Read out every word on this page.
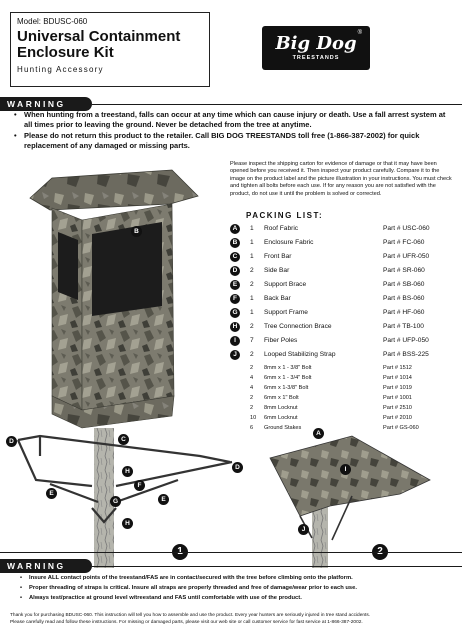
Model: BDUSC-060
Universal Containment
Enclosure Kit
Hunting Accessory
Big Dog
TREESTANDS
®
WARNING
• When hunting from a treestand, falls can occur at any time which can cause injury or death. Use a fall arrest system at all times prior to leaving the ground. Never be detached from the tree at anytime.
• Please do not return this product to the retailer. Call BIG DOG TREESTANDS toll free (1-866-387-2002) for quick replacement of any damaged or missing parts.
Please inspect the shipping carton for evidence of damage or that it may have been opened before you received it. Then inspect your product carefully. Compare it to the image on the product label and the picture illustration in your instructions. You must check and tighten all bolts before each use. If for any reason you are not satisfied with the product, do not use it until the problem is solved or corrected.
B
PACKING LIST:
A	1 Roof Fabric	Part # USC-060
B	1 Enclosure Fabric	Part # FC-060
C	1 Front Bar	Part # UFR-050
D	2 Side Bar	Part # SR-060
E	2 Support Brace	Part # SB-060
F	1 Back Bar	Part # BS-060
G	1 Support Frame	Part # HF-060
H	2 Tree Connection Brace	Part # TB-100
I	7 Fiber Poles	Part # UFP-050
J	2 Looped Stabilizing Strap	Part # BSS-225
2 8mm x 1 - 3/8" Bolt	Part # 1512
4 6mm x 1 - 3/4" Bolt	Part # 1014
4 6mm x 1-3/8" Bolt	Part # 1019
2 6mm x 1" Bolt	Part # 1001
2 8mm Locknut	Part # 2510
10 6mm Locknut	Part # 2010
6 Ground Stakes	Part # GS-060
D	C
H
D
F
E
G	E
H
A
I
J
WARNING
• Insure ALL contact points of the treestand/FAS are in contact/secured with the tree before climbing onto the platform.
• Proper threading of straps is critical. Insure all straps are properly threaded and free of damage/wear prior to each use.
• Always test/practice at ground level w/treestand and FAS until comfortable with use of the product.
Thank you for purchasing BDUSC-060. This instruction will tell you how to assemble and use the product. Every year hunters are seriously injured in tree stand accidents.
Please carefully read and follow these instructions. For missing or damaged parts, please visit our web site or call customer service for fast service at 1-866-387-2002.
